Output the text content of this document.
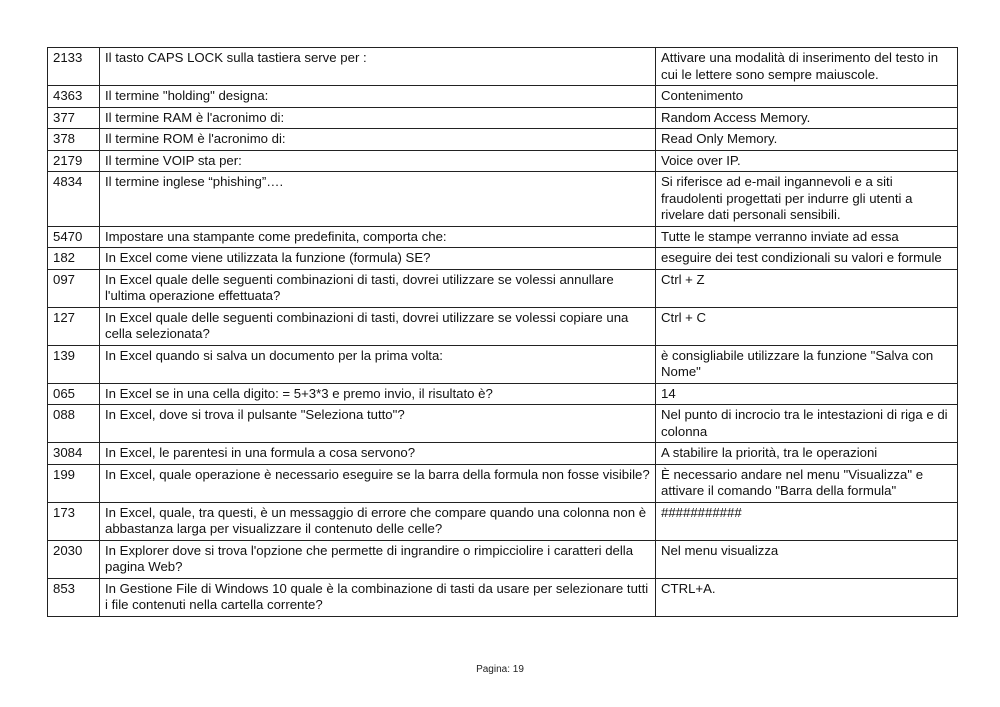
2133	Il tasto CAPS LOCK sulla tastiera serve per :	Attivare una modalità di inserimento del testo in cui le lettere sono sempre maiuscole.
4363	Il termine "holding" designa:	Contenimento
377	Il termine RAM è l'acronimo di:	Random Access Memory.
378	Il termine ROM è l'acronimo di:	Read Only Memory.
2179	Il termine VOIP sta per:	Voice over IP.
4834	Il termine inglese “phishing”….	Si riferisce ad e-mail ingannevoli e a siti fraudolenti progettati per indurre gli utenti a rivelare dati personali sensibili.
5470	Impostare una stampante come predefinita, comporta che:	Tutte le stampe verranno inviate ad essa
182	In Excel come viene utilizzata la funzione (formula) SE?	eseguire dei test condizionali su valori e formule
097	In Excel quale delle seguenti combinazioni di tasti, dovrei utilizzare se volessi annullare l'ultima operazione effettuata?	Ctrl + Z
127	In Excel quale delle seguenti combinazioni di tasti, dovrei utilizzare se volessi copiare una cella selezionata?	Ctrl + C
139	In Excel quando si salva un documento per la prima volta:	è consigliabile utilizzare la funzione "Salva con Nome"
065	In Excel se in una cella digito: = 5+3*3 e premo invio, il risultato è?	14
088	In Excel, dove si trova il pulsante "Seleziona tutto"?	Nel punto di incrocio tra le intestazioni di riga e di colonna
3084	In Excel, le parentesi in una formula a cosa servono?	A stabilire la priorità, tra le operazioni
199	In Excel, quale operazione è necessario eseguire se la barra della formula non fosse visibile?	È necessario andare nel menu "Visualizza" e attivare il comando "Barra della formula"
173	In Excel, quale, tra questi, è un messaggio di errore che compare quando una colonna non è abbastanza larga per visualizzare il contenuto delle celle?	###########
2030	In Explorer dove si trova l'opzione che permette di ingrandire o rimpicciolire i caratteri della pagina Web?	Nel menu visualizza
853	In Gestione File di Windows 10 quale è la combinazione di tasti da usare per selezionare tutti i file contenuti nella cartella corrente?	CTRL+A.
Pagina: 19
